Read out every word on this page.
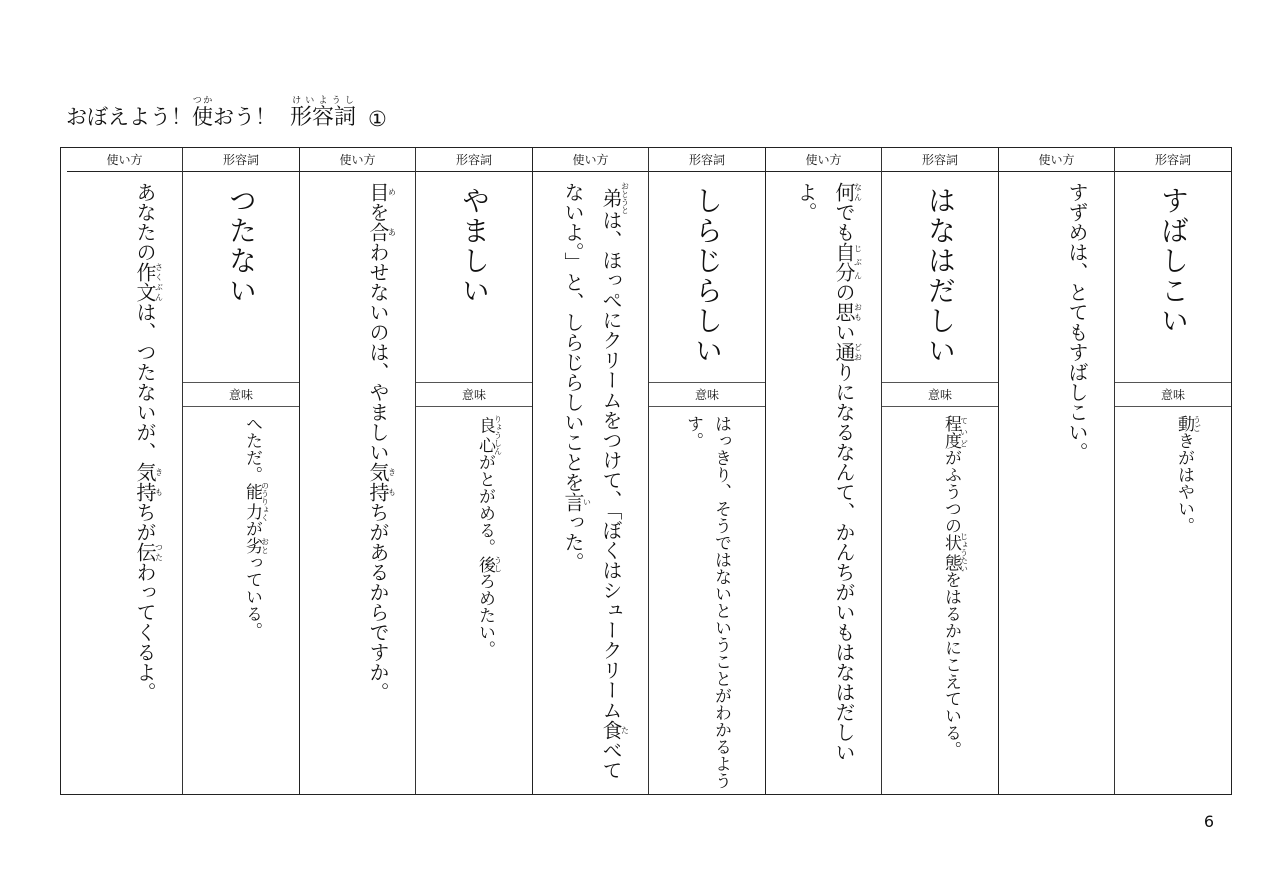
おぼえよう！ 使つか
おう！ 形容詞けいようし
①
形容詞
すばしこい
意味
動うごきがはやい。
使い方
すずめは、とてもすばしこい。
形容詞
はなはだしい
意味
程度ていどがふうつの状態じょうたいをはるかにこえている。
使い方
何なんでも自分じぶんの思おもい通どおりになるなんて、かんちがいもはなはだしいよ。
形容詞
しらじらしい
意味
はっきり、そうではないということがわかるようす。
使い方
弟おとうとは、ほっぺにクリームをつけて、「ぼくはシュークリーム食たべてないよ。」と、しらじらしいことを言いった。
形容詞
やましい
意味
良心りょうしんがとがめる。後うしろめたい。
使い方
目めを合あわせないのは、やましい気持きもちがあるからですか。
形容詞
つたない
意味
へただ。能力のうりょくが劣おとっている。
使い方
あなたの作文さくぶんは、つたないが、気持きもちが伝つたわってくるよ。
6
